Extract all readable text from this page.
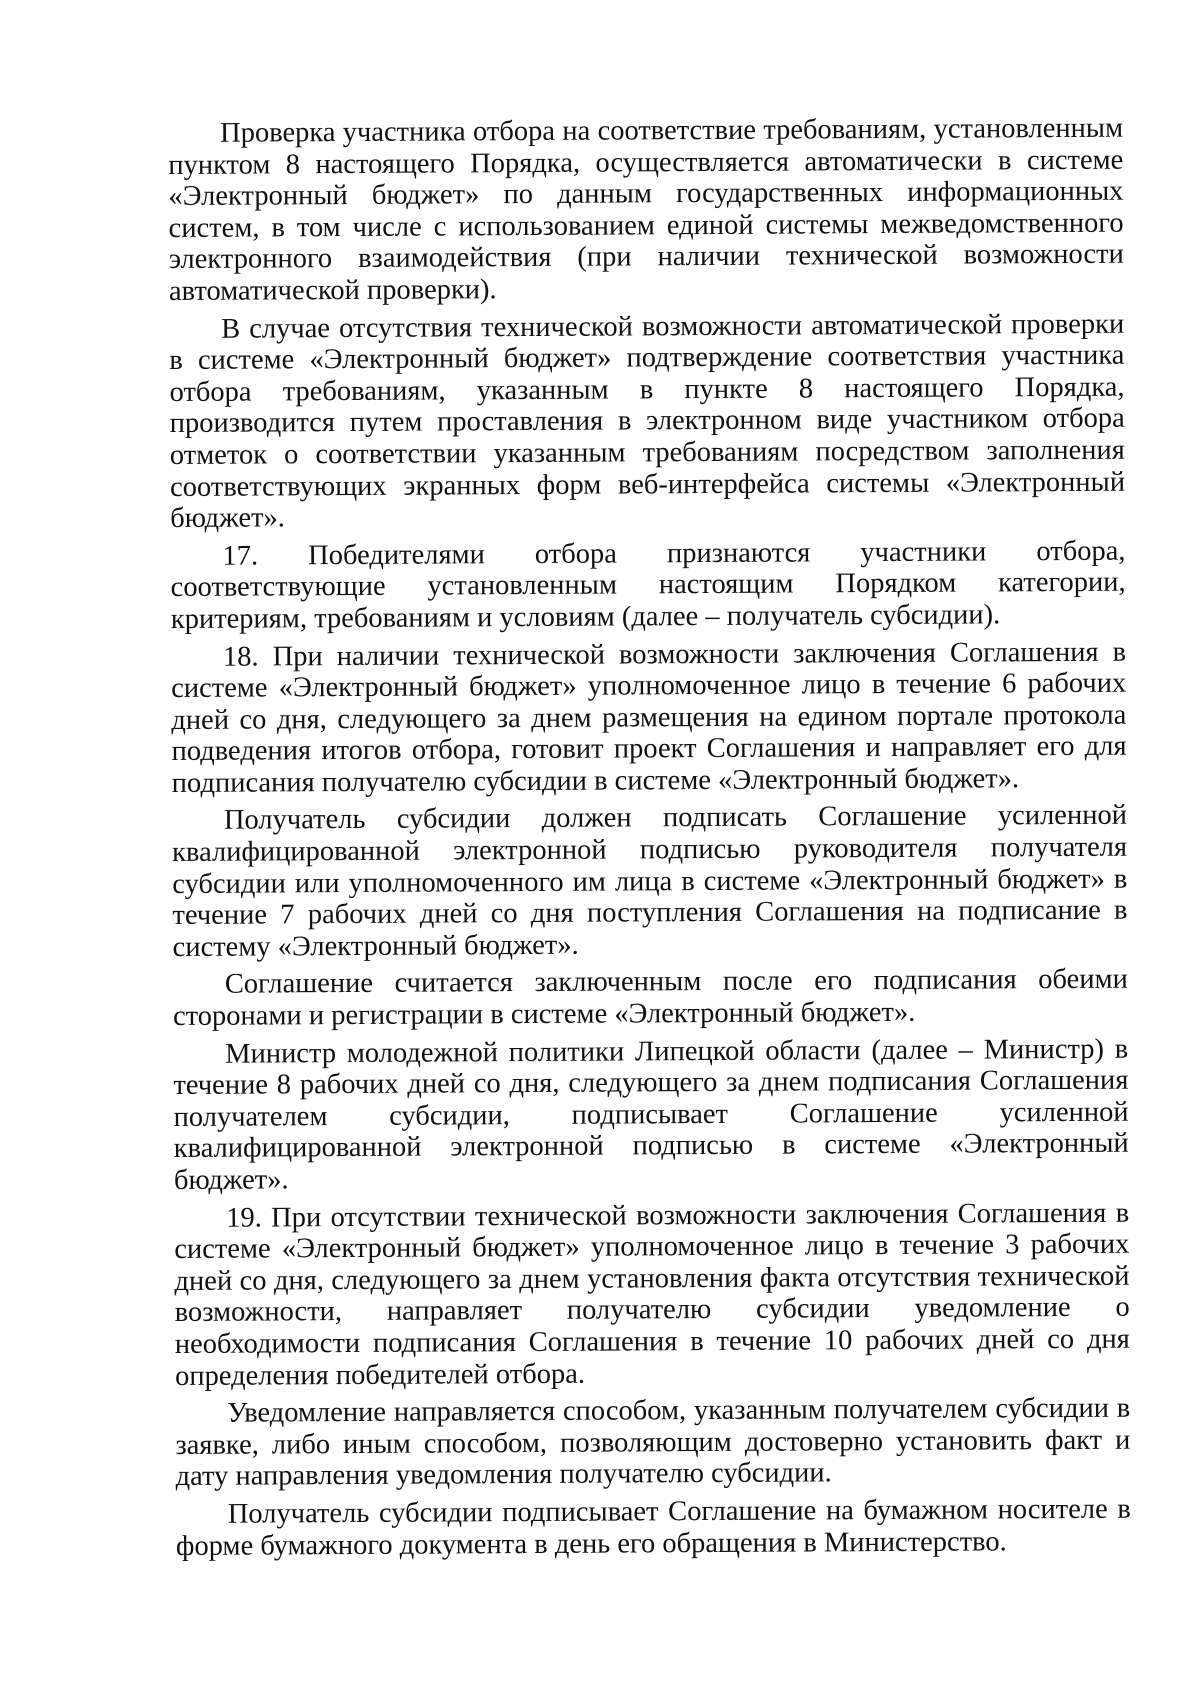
Проверка участника отбора на соответствие требованиям, установленным пунктом 8 настоящего Порядка, осуществляется автоматически в системе «Электронный бюджет» по данным государственных информационных систем, в том числе с использованием единой системы межведомственного электронного взаимодействия (при наличии технической возможности автоматической проверки).

В случае отсутствия технической возможности автоматической проверки в системе «Электронный бюджет» подтверждение соответствия участника отбора требованиям, указанным в пункте 8 настоящего Порядка, производится путем проставления в электронном виде участником отбора отметок о соответствии указанным требованиям посредством заполнения соответствующих экранных форм веб-интерфейса системы «Электронный бюджет».

17. Победителями отбора признаются участники отбора, соответствующие установленным настоящим Порядком категории, критериям, требованиям и условиям (далее – получатель субсидии).

18. При наличии технической возможности заключения Соглашения в системе «Электронный бюджет» уполномоченное лицо в течение 6 рабочих дней со дня, следующего за днем размещения на едином портале протокола подведения итогов отбора, готовит проект Соглашения и направляет его для подписания получателю субсидии в системе «Электронный бюджет».

Получатель субсидии должен подписать Соглашение усиленной квалифицированной электронной подписью руководителя получателя субсидии или уполномоченного им лица в системе «Электронный бюджет» в течение 7 рабочих дней со дня поступления Соглашения на подписание в систему «Электронный бюджет».

Соглашение считается заключенным после его подписания обеими сторонами и регистрации в системе «Электронный бюджет».

Министр молодежной политики Липецкой области (далее – Министр) в течение 8 рабочих дней со дня, следующего за днем подписания Соглашения получателем субсидии, подписывает Соглашение усиленной квалифицированной электронной подписью в системе «Электронный бюджет».

19. При отсутствии технической возможности заключения Соглашения в системе «Электронный бюджет» уполномоченное лицо в течение 3 рабочих дней со дня, следующего за днем установления факта отсутствия технической возможности, направляет получателю субсидии уведомление о необходимости подписания Соглашения в течение 10 рабочих дней со дня определения победителей отбора.

Уведомление направляется способом, указанным получателем субсидии в заявке, либо иным способом, позволяющим достоверно установить факт и дату направления уведомления получателю субсидии.

Получатель субсидии подписывает Соглашение на бумажном носителе в форме бумажного документа в день его обращения в Министерство.
